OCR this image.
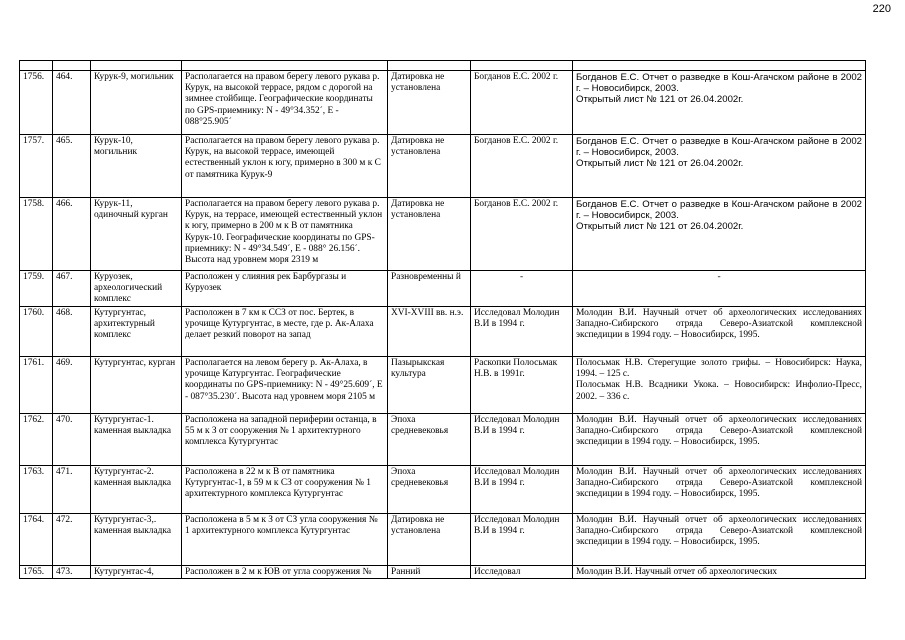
220

1756.	464.	Курук-9, могильник	Располагается на правом берегу левого рукава р. Курук, на высокой террасе, рядом с дорогой на зимнее стойбище. Географические координаты по GPS-приемнику: N - 49°34.352´, E - 088°25.905´	Датировка не установлена	Богданов Е.С. 2002 г.	Богданов Е.С. Отчет о разведке в Кош-Агачском районе в 2002 г. – Новосибирск, 2003.
Открытый лист № 121 от 26.04.2002г.

1757.	465.	Курук-10, могильник	Располагается на правом берегу левого рукава р. Курук, на высокой террасе, имеющей естественный уклон к югу, примерно в 300 м к С от памятника Курук-9	Датировка не установлена	Богданов Е.С. 2002 г.	Богданов Е.С. Отчет о разведке в Кош-Агачском районе в 2002 г. – Новосибирск, 2003.
Открытый лист № 121 от 26.04.2002г.

1758.	466.	Курук-11, одиночный курган	Располагается на правом берегу левого рукава р. Курук, на террасе, имеющей естественный уклон к югу, примерно в 200 м к В от памятника Курук-10. Географические координаты по GPS-приемнику: N - 49°34.549´, E - 088° 26.156´. Высота над уровнем моря 2319 м	Датировка не установлена	Богданов Е.С. 2002 г.	Богданов Е.С. Отчет о разведке в Кош-Агачском районе в 2002 г. – Новосибирск, 2003.
Открытый лист № 121 от 26.04.2002г.

1759.	467.	Куруозек, археологический комплекс	Расположен у слияния рек Барбургазы и Куруозек	Разновременны й	-	-

1760.	468.	Кутургунтас, архитектурный комплекс	Расположен в 7 км к ССЗ от пос. Бертек, в урочище Кутургунтас, в месте, где р. Ак-Алаха делает резкий поворот на запад	XVI-XVIII вв. н.э.	Исследовал Молодин В.И в 1994 г.	Молодин В.И. Научный отчет об археологических исследованиях Западно-Сибирского отряда Северо-Азиатской комплексной экспедиции в 1994 году. – Новосибирск, 1995.

1761.	469.	Кутургунтас, курган	Располагается на левом берегу р. Ак-Алаха, в урочище Катургунтас. Географические координаты по GPS-приемнику: N - 49°25.609´, E - 087°35.230´. Высота над уровнем моря 2105 м	Пазырыкская культура	Раскопки Полосьмак Н.В. в 1991г.	Полосьмак Н.В. Стерегущие золото грифы. – Новосибирск: Наука, 1994. – 125 с.
Полосьмак Н.В. Всадники Укока. – Новосибирск: Инфолио-Пресс, 2002. – 336 с.

1762.	470.	Кутургунтас-1. каменная выкладка	Расположена на западной периферии останца, в 55 м к З от сооружения № 1 архитектурного комплекса Кутургунтас	Эпоха средневековья	Исследовал Молодин В.И в 1994 г.	Молодин В.И. Научный отчет об археологических исследованиях Западно-Сибирского отряда Северо-Азиатской комплексной экспедиции в 1994 году. – Новосибирск, 1995.

1763.	471.	Кутургунтас-2. каменная выкладка	Расположена в 22 м к В от памятника Кутургунтас-1, в 59 м к СЗ от сооружения № 1 архитектурного комплекса Кутургунтас	Эпоха средневековья	Исследовал Молодин В.И в 1994 г.	Молодин В.И. Научный отчет об археологических исследованиях Западно-Сибирского отряда Северо-Азиатской комплексной экспедиции в 1994 году. – Новосибирск, 1995.

1764.	472.	Кутургунтас-3,. каменная выкладка	Расположена в 5 м к З от СЗ угла сооружения № 1 архитектурного комплекса Кутургунтас	Датировка не установлена	Исследовал Молодин В.И в 1994 г.	Молодин В.И. Научный отчет об археологических исследованиях Западно-Сибирского отряда Северо-Азиатской комплексной экспедиции в 1994 году. – Новосибирск, 1995.

1765.	473.	Кутургунтас-4,	Расположен в 2 м к ЮВ от угла сооружения №	Ранний	Исследовал	Молодин В.И. Научный отчет об археологических
